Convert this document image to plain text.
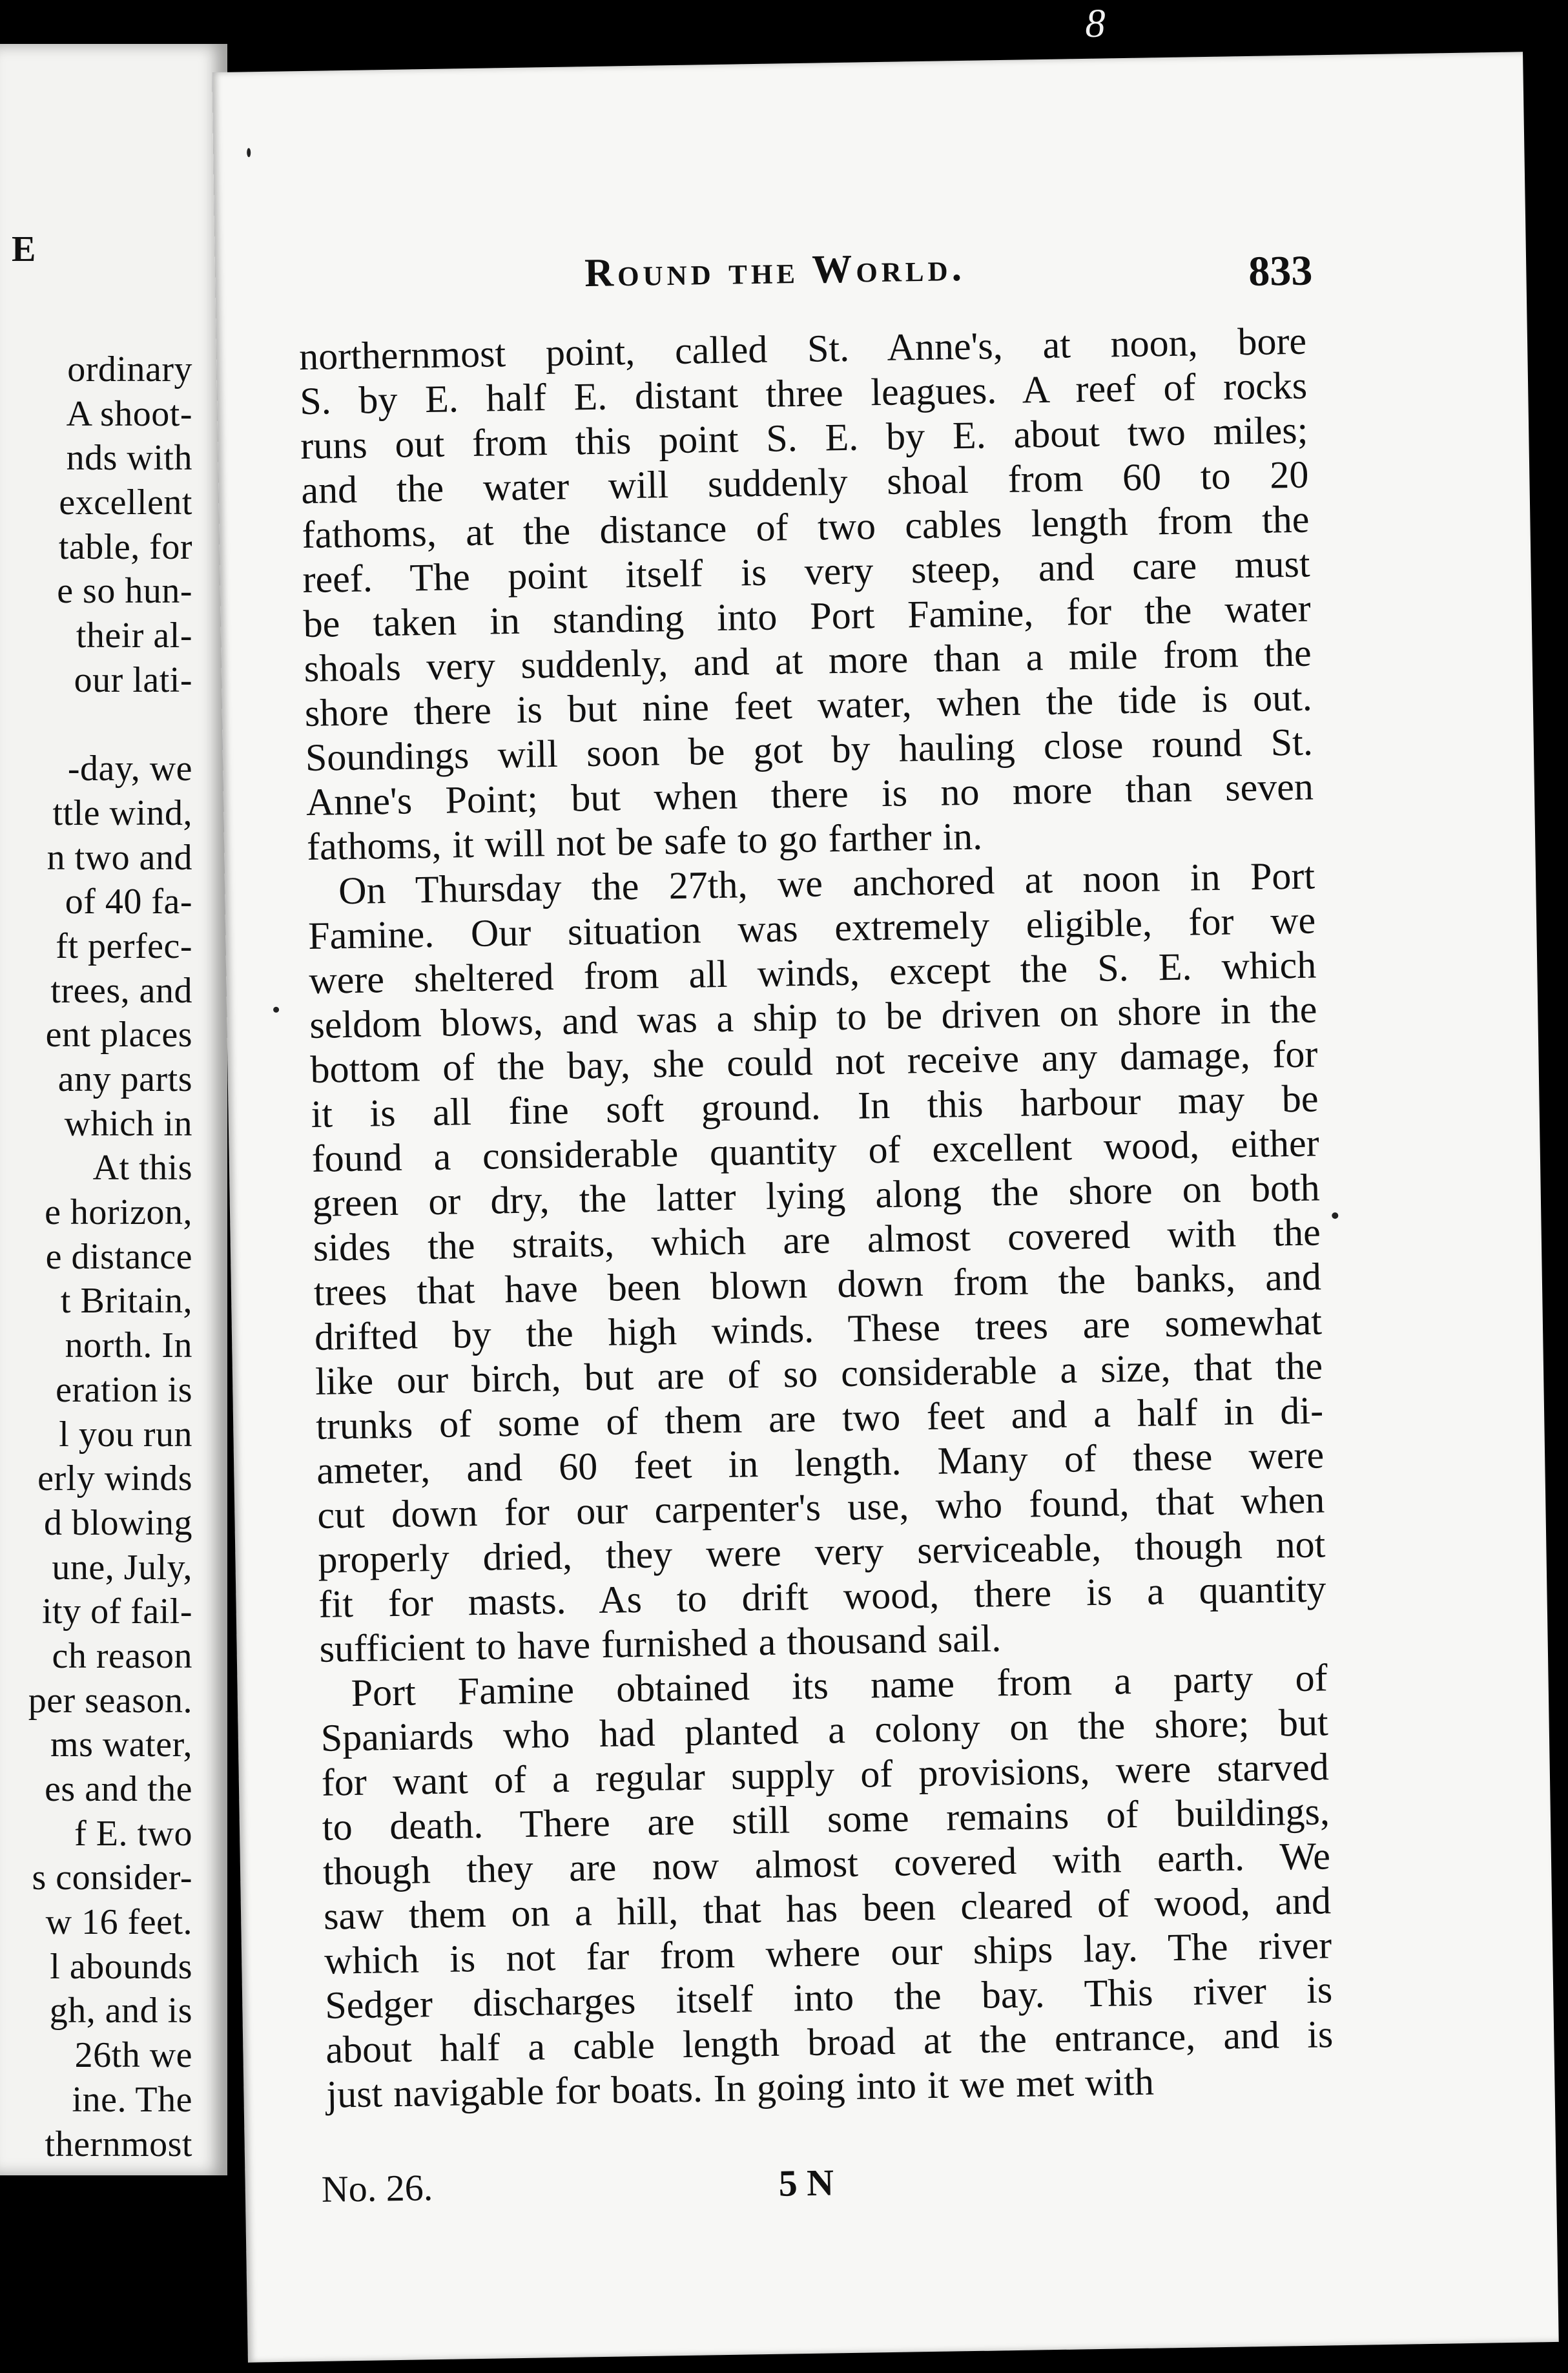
8

E

ordinary
A shoot-
nds with
excellent
table, for
e so hun-
their al-
our lati-
-day, we
ttle wind,
n two and
of 40 fa-
ft perfec-
trees, and
ent places
any parts
which in
At this
e horizon,
e distance
t Britain,
north. In
eration is
l you run
erly winds
d blowing
une, July,
ity of fail-
ch reason
per season.
ms water,
es and the
f E. two
s consider-
w 16 feet.
l abounds
gh, and is
26th we
ine. The
thernmost

Round the World.	833

northernmost point, called St. Anne's, at noon, bore
S. by E. half E. distant three leagues. A reef of rocks
runs out from this point S. E. by E. about two miles;
and the water will suddenly shoal from 60 to 20
fathoms, at the distance of two cables length from the
reef. The point itself is very steep, and care must
be taken in standing into Port Famine, for the water
shoals very suddenly, and at more than a mile from the
shore there is but nine feet water, when the tide is out.
Soundings will soon be got by hauling close round St.
Anne's Point; but when there is no more than seven
fathoms, it will not be safe to go farther in.

On Thursday the 27th, we anchored at noon in Port
Famine. Our situation was extremely eligible, for we
were sheltered from all winds, except the S. E. which
seldom blows, and was a ship to be driven on shore in the
bottom of the bay, she could not receive any damage, for
it is all fine soft ground. In this harbour may be
found a considerable quantity of excellent wood, either
green or dry, the latter lying along the shore on both
sides the straits, which are almost covered with the
trees that have been blown down from the banks, and
drifted by the high winds. These trees are somewhat
like our birch, but are of so considerable a size, that the
trunks of some of them are two feet and a half in di-
ameter, and 60 feet in length. Many of these were
cut down for our carpenter's use, who found, that when
properly dried, they were very serviceable, though not
fit for masts. As to drift wood, there is a quantity
sufficient to have furnished a thousand sail.

Port Famine obtained its name from a party of
Spaniards who had planted a colony on the shore; but
for want of a regular supply of provisions, were starved
to death. There are still some remains of buildings,
though they are now almost covered with earth. We
saw them on a hill, that has been cleared of wood, and
which is not far from where our ships lay. The river
Sedger discharges itself into the bay. This river is
about half a cable length broad at the entrance, and is
just navigable for boats. In going into it we met with

No. 26.	5 N
